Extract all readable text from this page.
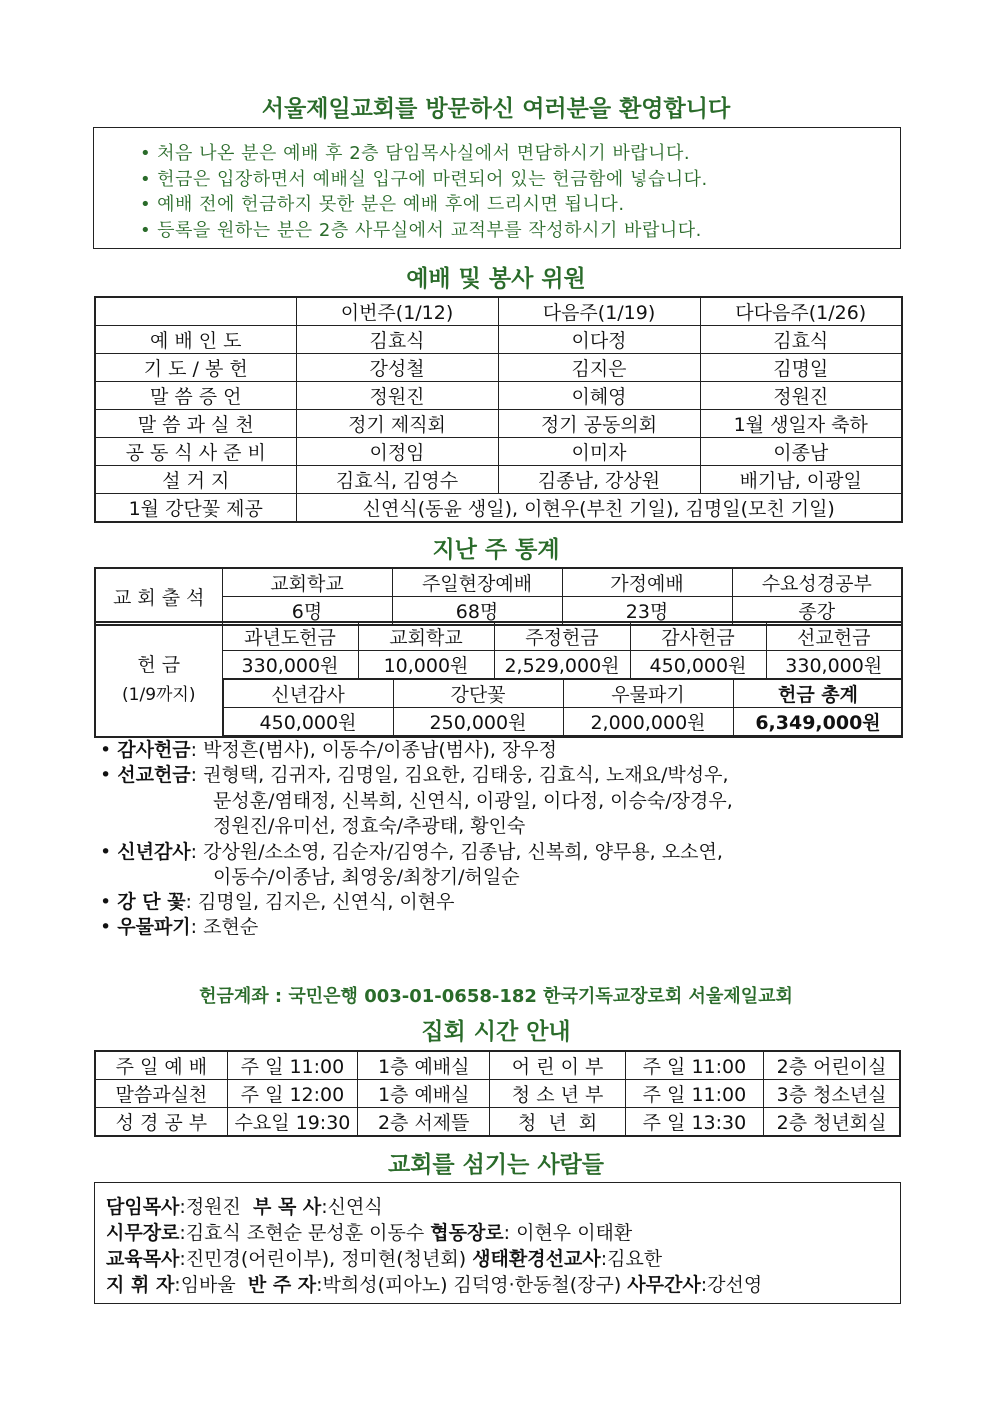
서울제일교회를 방문하신 여러분을 환영합니다
• 처음 나온 분은 예배 후 2층 담임목사실에서 면담하시기 바랍니다.
• 헌금은 입장하면서 예배실 입구에 마련되어 있는 헌금함에 넣습니다.
• 예배 전에 헌금하지 못한 분은 예배 후에 드리시면 됩니다.
• 등록을 원하는 분은 2층 사무실에서 교적부를 작성하시기 바랍니다.
예배 및 봉사 위원
	이번주(1/12)	다음주(1/19)	다다음주(1/26)
예 배 인 도	김효식	이다정	김효식
기 도 / 봉 헌	강성철	김지은	김명일
말 씀 증 언	정원진	이혜영	정원진
말 씀 과 실 천	정기 제직회	정기 공동의회	1월 생일자 축하
공 동 식 사 준 비	이정임	이미자	이종남
설 거 지	김효식, 김영수	김종남, 강상원	배기남, 이광일
1월 강단꽃 제공	신연식(동윤 생일), 이현우(부친 기일), 김명일(모친 기일)		
지난 주 통계
교 회 출 석	교회학교	주일현장예배	가정예배	수요성경공부
	6명	68명	23명	종강
헌 금
(1/9까지)
	과년도헌금	교회학교	주정헌금	감사헌금	선교헌금
330,000원	10,000원	2,529,000원	450,000원	330,000원

신년감사	강단꽃	우물파기	헌금 총계
450,000원	250,000원	2,000,000원	6,349,000원
• 감사헌금: 박정흔(범사), 이동수/이종남(범사), 장우정
• 선교헌금: 권형택, 김귀자, 김명일, 김요한, 김태웅, 김효식, 노재요/박성우,
문성훈/염태정, 신복희, 신연식, 이광일, 이다정, 이승숙/장경우,
정원진/유미선, 정효숙/추광태, 황인숙
• 신년감사: 강상원/소소영, 김순자/김영수, 김종남, 신복희, 양무용, 오소연,
이동수/이종남, 최영웅/최창기/허일순
• 강 단 꽃: 김명일, 김지은, 신연식, 이현우
• 우물파기: 조현순
헌금계좌 : 국민은행 003-01-0658-182 한국기독교장로회 서울제일교회
집회 시간 안내
주 일 예 배	주 일 11:00	1층 예배실	어 린 이 부	주 일 11:00	2층 어린이실
말씀과실천	주 일 12:00	1층 예배실	청 소 년 부	주 일 11:00	3층 청소년실
성 경 공 부	수요일 19:30	2층 서제뜰	청  년  회	주 일 13:30	2층 청년회실
교회를 섬기는 사람들
담임목사:정원진  부 목 사:신연식
시무장로:김효식 조현순 문성훈 이동수 협동장로: 이현우 이태환
교육목사:진민경(어린이부), 정미현(청년회) 생태환경선교사:김요한
지 휘 자:임바울  반 주 자:박희성(피아노) 김덕영·한동철(장구) 사무간사:강선영
